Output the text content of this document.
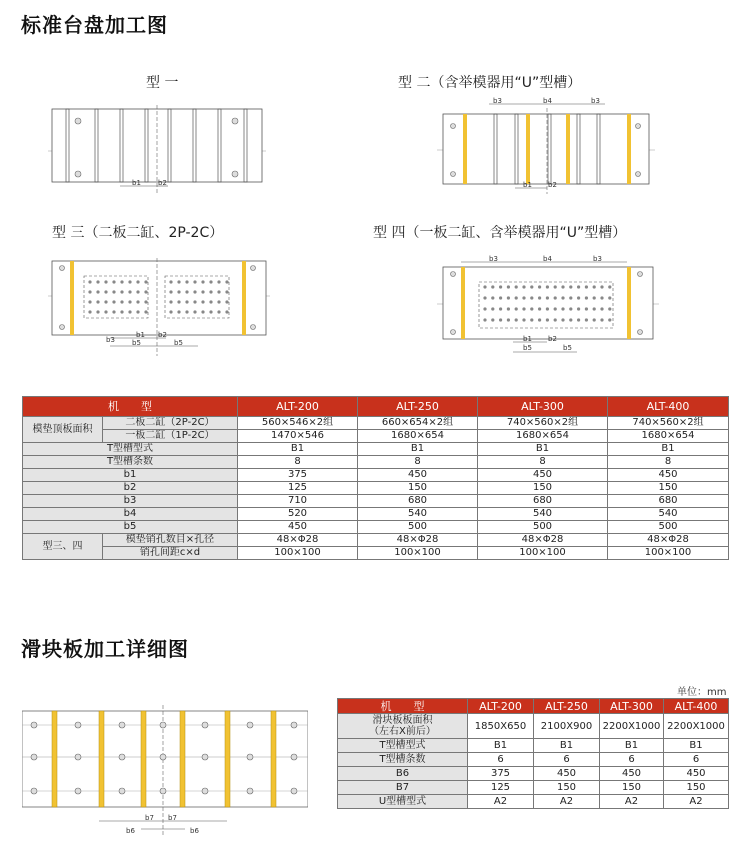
标准台盘加工图
型 一	型 二（含举模器用“U”型槽）
型 三（二板二缸、2P-2C）	型 四（一板二缸、含举模器用“U”型槽）
b1 b2
b3	b4	b3
b1 b2
b3
b1 b2
b5	b5
b3	b4	b3
b1 b2
b5	b5
机　　型		ALT-200	ALT-250	ALT-300	ALT-400
模垫顶板面积	二板二缸（2P-2C）	560×546×2组	660×654×2组	740×560×2组	740×560×2组
	一板二缸（1P-2C）	1470×546	1680×654	1680×654	1680×654
T型槽型式		B1	B1	B1	B1
T型槽条数		8	8	8	8
b1		375	450	450	450
b2		125	150	150	150
b3		710	680	680	680
b4		520	540	540	540
b5		450	500	500	500
型三、四	模垫销孔数目×孔径	48×Φ28	48×Φ28	48×Φ28	48×Φ28
	销孔间距c×d	100×100	100×100	100×100	100×100
滑块板加工详细图
单位：mm
b7 b7
b6	b6
机　　型	ALT-200	ALT-250	ALT-300	ALT-400

滑块板板面积
（左右X前后）	1850X650	2100X900	2200X1000	2200X1000
T型槽型式	B1	B1	B1	B1
T型槽条数	6	6	6	6
B6	375	450	450	450
B7	125	150	150	150
U型槽型式	A2	A2	A2	A2
